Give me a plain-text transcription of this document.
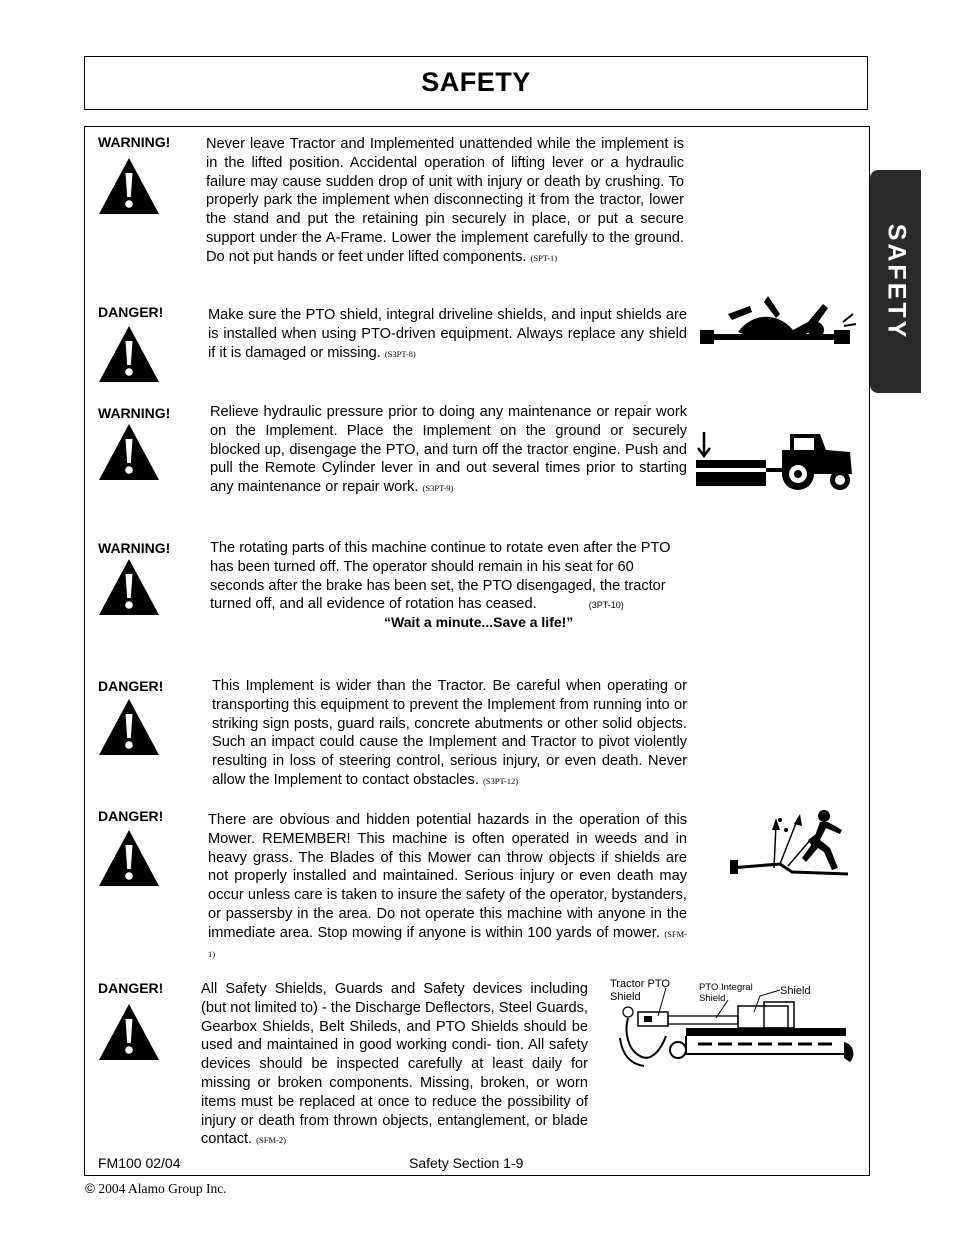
SAFETY
SAFETY
WARNING! Never leave Tractor and Implemented unattended while the implement is in the lifted position. Accidental operation of lifting lever or a hydraulic failure may cause sudden drop of unit with injury or death by crushing. To properly park the implement when disconnecting it from the tractor, lower the stand and put the retaining pin securely in place, or put a secure support under the A-Frame. Lower the implement carefully to the ground. Do not put hands or feet under lifted components. (SPT-1)
DANGER!	Make sure the PTO shield, integral driveline shields, and input shields are is installed when using PTO-driven equipment. Always replace any shield if it is damaged or missing. (S3PT-8)
WARNING!	Relieve hydraulic pressure prior to doing any maintenance or repair work on the Implement. Place the Implement on the ground or securely blocked up, disengage the PTO, and turn off the tractor engine. Push and pull the Remote Cylinder lever in and out several times prior to starting any maintenance or repair work. (S3PT-9)
WARNING!	The rotating parts of this machine continue to rotate even after the PTO has been turned off. The operator should remain in his seat for 60 seconds after the brake has been set, the PTO disengaged, the tractor turned off, and all evidence of rotation has ceased.	(3PT-10)
“Wait a minute...Save a life!”
DANGER!	This Implement is wider than the Tractor. Be careful when operating or transporting this equipment to prevent the Implement from running into or striking sign posts, guard rails, concrete abutments or other solid objects. Such an impact could cause the Implement and Tractor to pivot violently resulting in loss of steering control, serious injury, or even death. Never allow the Implement to contact obstacles. (S3PT-12)
DANGER!	There are obvious and hidden potential hazards in the operation of this Mower. REMEMBER! This machine is often operated in weeds and in heavy grass. The Blades of this Mower can throw objects if shields are not properly installed and maintained. Serious injury or even death may occur unless care is taken to insure the safety of the operator, bystanders, or passersby in the area. Do not operate this machine with anyone in the immediate area. Stop mowing if anyone is within 100 yards of mower. (SFM-1)
DANGER!	All Safety Shields, Guards and Safety devices including (but not limited to) - the Discharge Deflectors, Steel Guards, Gearbox Shields, Belt Shileds, and PTO Shields should be used and maintained in good working condi- tion. All safety devices should be inspected carefully at least daily for missing or broken components. Missing, broken, or worn items must be replaced at once to reduce the possibility of injury or death from thrown objects, entanglement, or blade contact. (SFM-2)
Tractor PTO
Shield
PTO Integral
Shield
Shield
FM100 02/04	Safety Section 1-9
© 2004 Alamo Group Inc.
